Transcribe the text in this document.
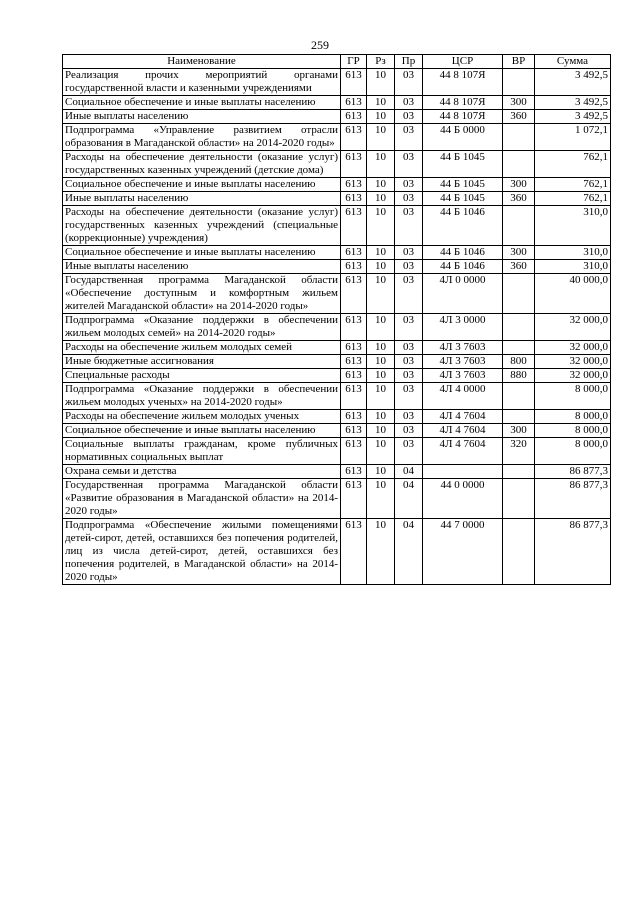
259
Наименование	ГР	Рз	Пр	ЦСР	ВР	Сумма
Реализация прочих мероприятий органами государственной власти и казенными учреждениями	613	10	03	44 8 107Я		3 492,5
Социальное обеспечение и иные выплаты населению	613	10	03	44 8 107Я	300	3 492,5
Иные выплаты населению	613	10	03	44 8 107Я	360	3 492,5
Подпрограмма «Управление развитием отрасли образования в Магаданской области» на 2014-2020 годы»	613	10	03	44 Б 0000		1 072,1
Расходы на обеспечение деятельности (оказание услуг) государственных казенных учреждений (детские дома)	613	10	03	44 Б 1045		762,1
Социальное обеспечение и иные выплаты населению	613	10	03	44 Б 1045	300	762,1
Иные выплаты населению	613	10	03	44 Б 1045	360	762,1
Расходы на обеспечение деятельности (оказание услуг) государственных казенных учреждений (специальные (коррекционные) учреждения)	613	10	03	44 Б 1046		310,0
Социальное обеспечение и иные выплаты населению	613	10	03	44 Б 1046	300	310,0
Иные выплаты населению	613	10	03	44 Б 1046	360	310,0
Государственная программа Магаданской области «Обеспечение доступным и комфортным жильем жителей Магаданской области» на 2014-2020 годы»	613	10	03	4Л 0 0000		40 000,0
Подпрограмма «Оказание поддержки в обеспечении жильем молодых семей» на 2014-2020 годы»	613	10	03	4Л 3 0000		32 000,0
Расходы на обеспечение жильем молодых семей	613	10	03	4Л 3 7603		32 000,0
Иные бюджетные ассигнования	613	10	03	4Л 3 7603	800	32 000,0
Специальные расходы	613	10	03	4Л 3 7603	880	32 000,0
Подпрограмма «Оказание поддержки в обеспечении жильем молодых ученых» на 2014-2020 годы»	613	10	03	4Л 4 0000		8 000,0
Расходы на обеспечение жильем молодых ученых	613	10	03	4Л 4 7604		8 000,0
Социальное обеспечение и иные выплаты населению	613	10	03	4Л 4 7604	300	8 000,0
Социальные выплаты гражданам, кроме публичных нормативных социальных выплат	613	10	03	4Л 4 7604	320	8 000,0
Охрана семьи и детства	613	10	04			86 877,3
Государственная программа Магаданской области «Развитие образования в Магаданской области» на 2014-2020 годы»	613	10	04	44 0 0000		86 877,3
Подпрограмма «Обеспечение жилыми помещениями детей-сирот, детей, оставшихся без попечения родителей, лиц из числа детей-сирот, детей, оставшихся без попечения родителей, в Магаданской области» на 2014-2020 годы»	613	10	04	44 7 0000		86 877,3
